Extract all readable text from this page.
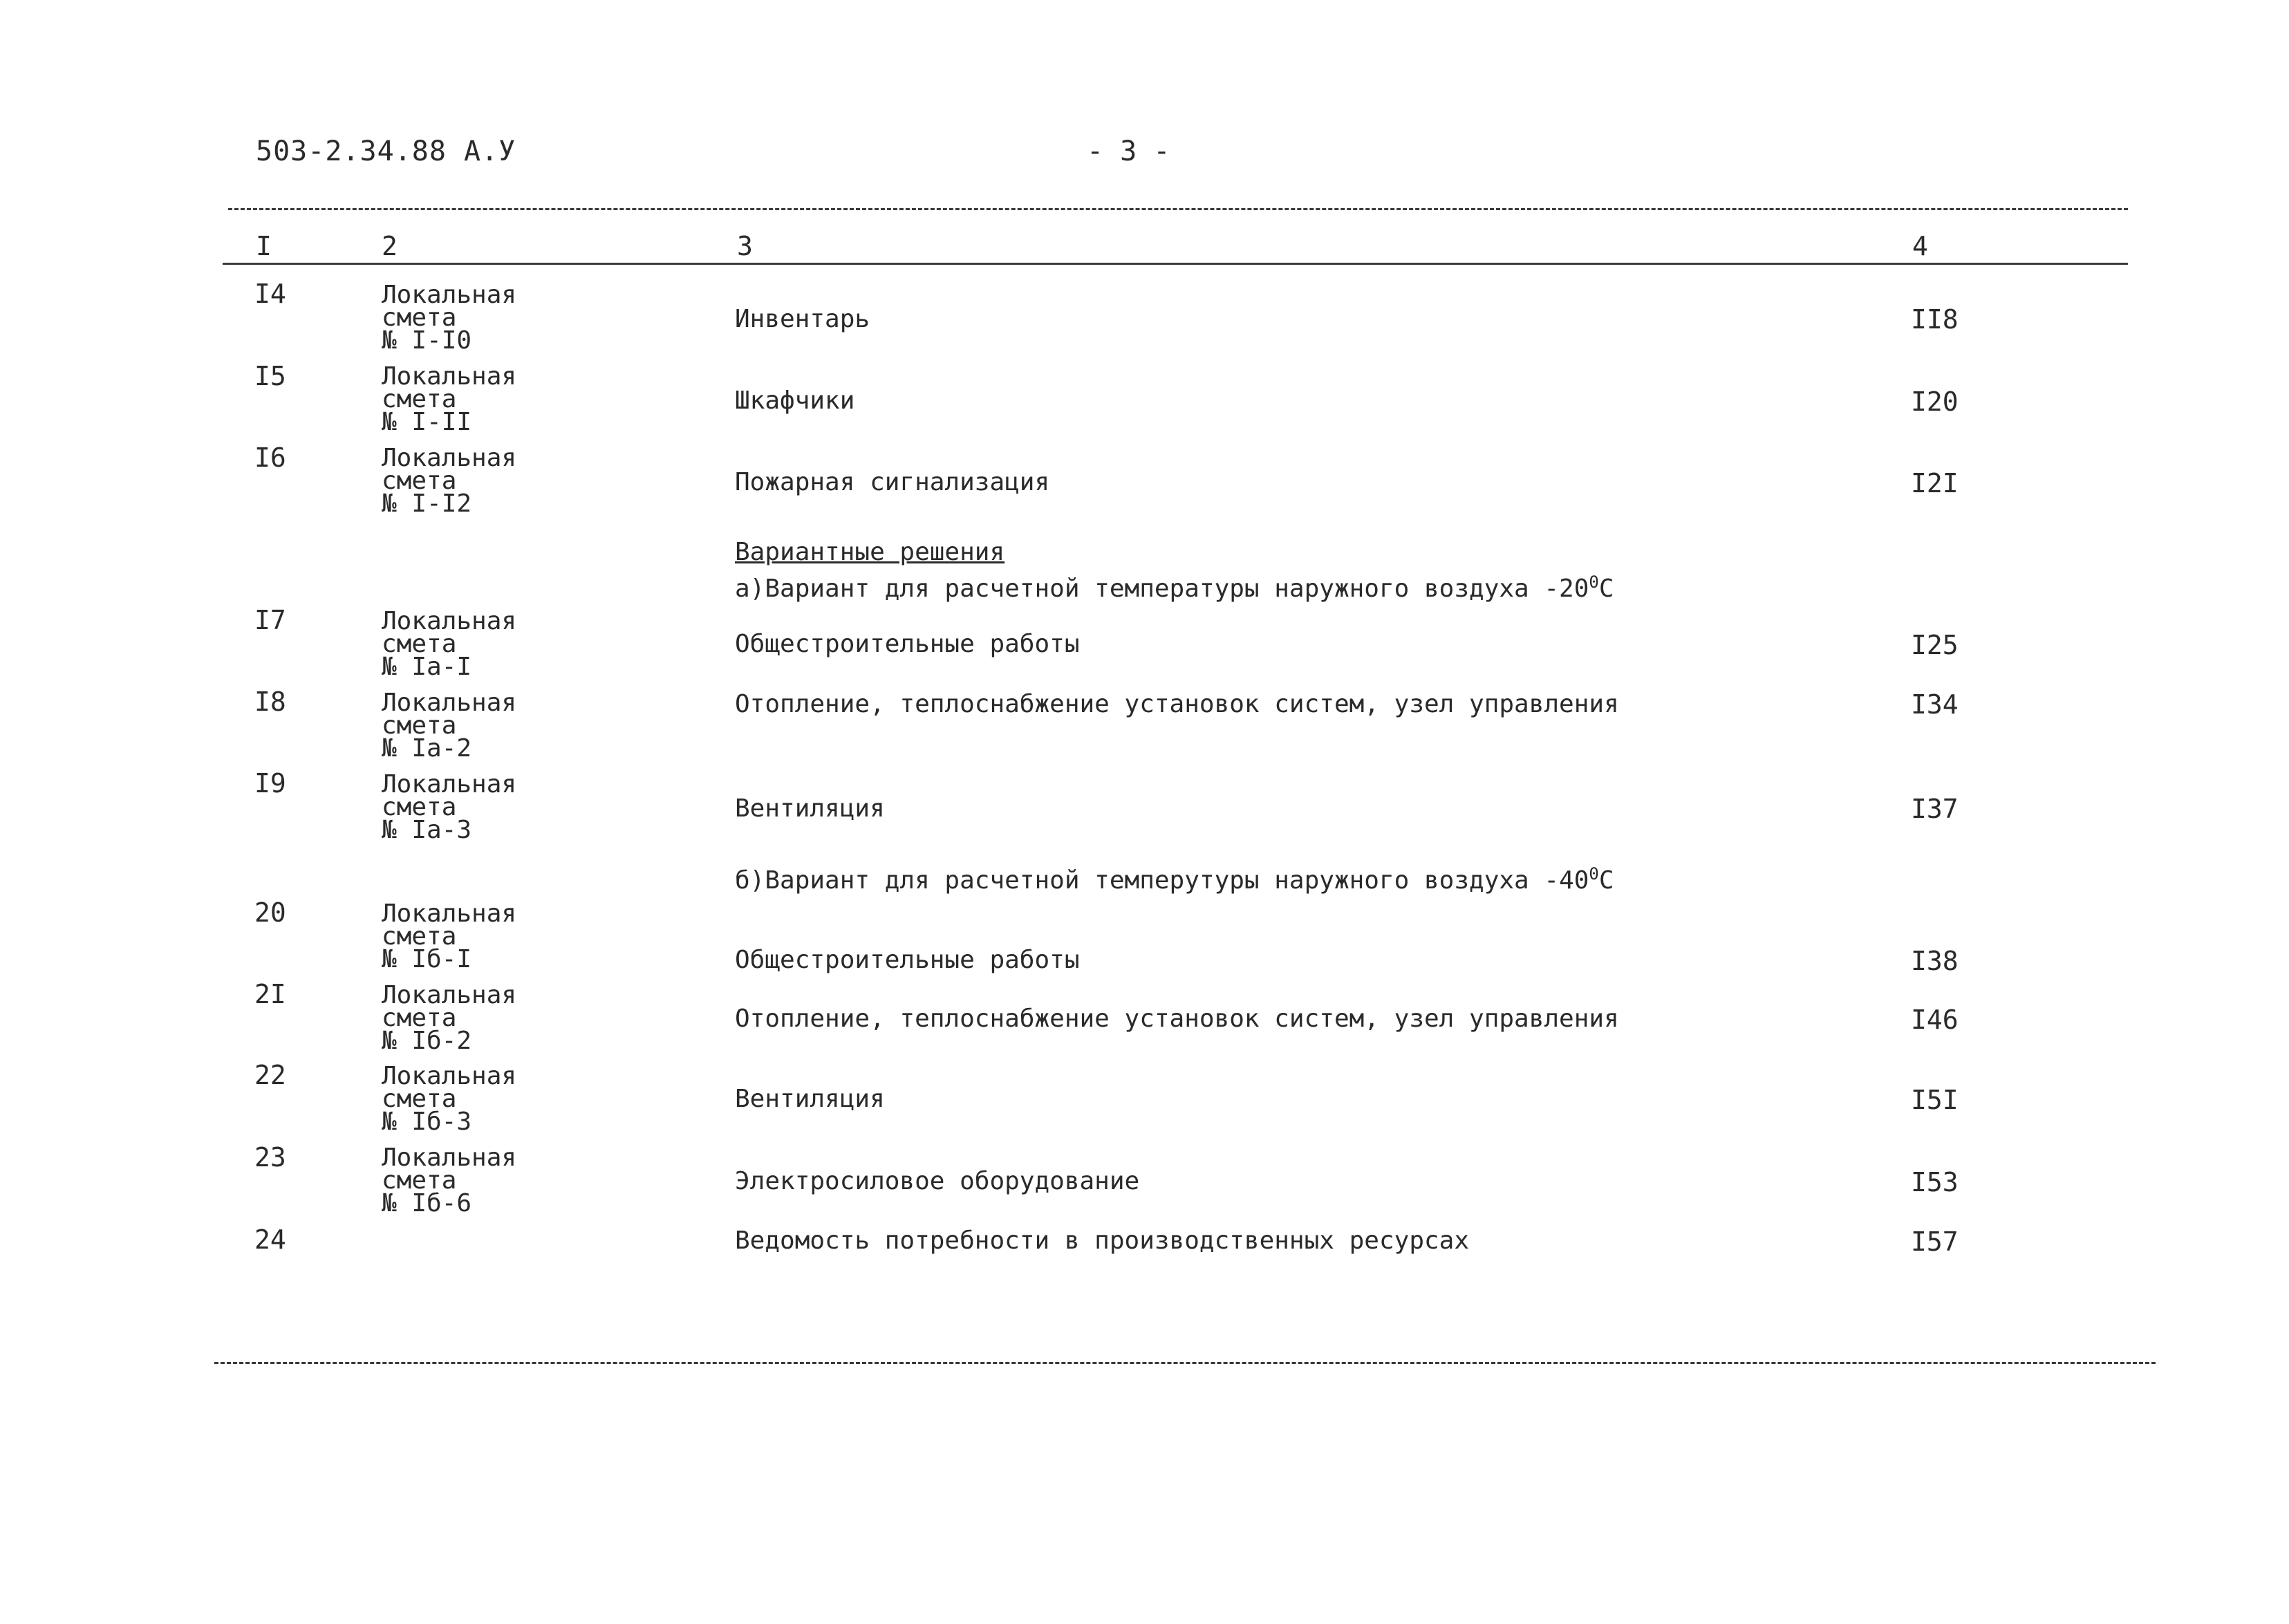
503-2.34.88 А.У	- 3 -
I	2	3	4
I4	Локальная
смета
№ I-I0
Инвентарь	II8
I5	Локальная
смета
№ I-II
Шкафчики	I20
I6	Локальная
смета
№ I-I2
Пожарная сигнализация	I2I
Вариантные решения
а)Вариант для расчетной температуры наружного воздуха $-20^0С$
I7	Локальная
смета
№ Iа-I
Общестроительные работы	I25
I8	Локальная
смета
№ Iа-2
Отопление, теплоснабжение установок систем, узел управления	I34
I9	Локальная
смета
№ Iа-3
Вентиляция	I37
б)Вариант для расчетной темперутуры наружного воздуха $-40^0С$
20	Локальная
смета
№ Iб-I	Общестроительные работы	I38
2I	Локальная
смета
№ Iб-2
Отопление, теплоснабжение установок систем, узел управления	I46
22	Локальная
смета
№ Iб-3
Вентиляция	I5I
23	Локальная
смета
№ Iб-6
Электросиловое оборудование	I53
24	Ведомость потребности в производственных ресурсах	I57
